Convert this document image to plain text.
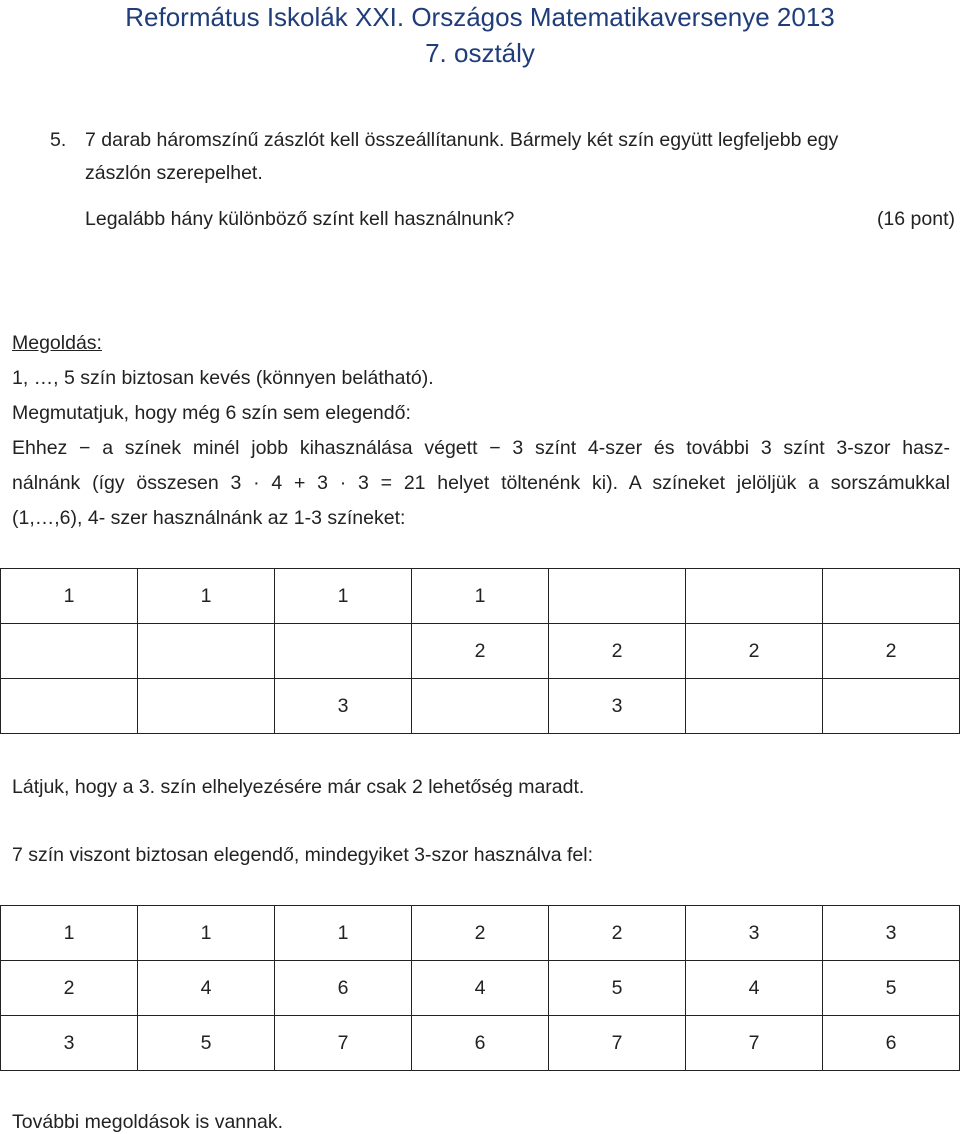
Református Iskolák XXI. Országos Matematikaversenye 2013
7. osztály
5. 7 darab háromszínű zászlót kell összeállítanunk. Bármely két szín együtt legfeljebb egy
zászlón szerepelhet.
Legalább hány különböző színt kell használnunk?	(16 pont)
Megoldás:
1, …, 5 szín biztosan kevés (könnyen belátható).
Megmutatjuk, hogy még 6 szín sem elegendő:
Ehhez − a színek minél jobb kihasználása végett − 3 színt 4-szer és további 3 színt 3-szor hasz-
nálnánk (így összesen 3 · 4 + 3 · 3 = 21 helyet töltenénk ki). A színeket jelöljük a sorszámukkal
(1,…,6), 4- szer használnánk az 1-3 színeket:
1	1	1	1			
			2	2	2	2
		3		3		
Látjuk, hogy a 3. szín elhelyezésére már csak 2 lehetőség maradt.
7 szín viszont biztosan elegendő, mindegyiket 3-szor használva fel:
1	1	1	2	2	3	3
2	4	6	4	5	4	5
3	5	7	6	7	7	6
További megoldások is vannak.
